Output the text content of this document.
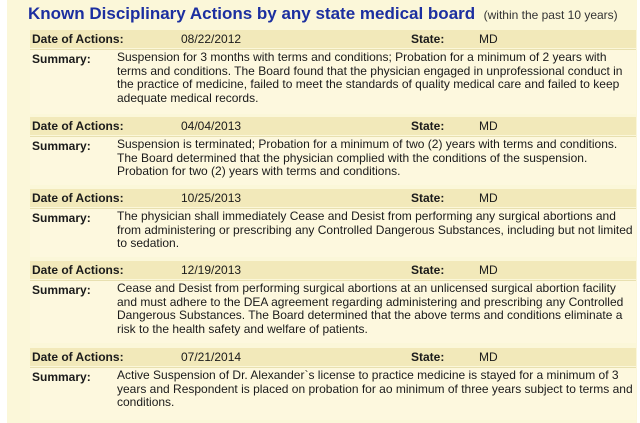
Known Disciplinary Actions by any state medical board (within the past 10 years)
Date of Actions:	08/22/2012	State:	MD
Summary: Suspension for 3 months with terms and conditions; Probation for a minimum of 2 years with terms and conditions. The Board found that the physician engaged in unprofessional conduct in the practice of medicine, failed to meet the standards of quality medical care and failed to keep adequate medical records.
Date of Actions:	04/04/2013	State:	MD
Summary: Suspension is terminated; Probation for a minimum of two (2) years with terms and conditions. The Board determined that the physician complied with the conditions of the suspension. Probation for two (2) years with terms and conditions.
Date of Actions:	10/25/2013	State:	MD
Summary: The physician shall immediately Cease and Desist from performing any surgical abortions and from administering or prescribing any Controlled Dangerous Substances, including but not limited to sedation.
Date of Actions:	12/19/2013	State:	MD
Summary: Cease and Desist from performing surgical abortions at an unlicensed surgical abortion facility and must adhere to the DEA agreement regarding administering and prescribing any Controlled Dangerous Substances. The Board determined that the above terms and conditions eliminate a risk to the health safety and welfare of patients.
Date of Actions:	07/21/2014	State:	MD
Summary: Active Suspension of Dr. Alexander`s license to practice medicine is stayed for a minimum of 3 years and Respondent is placed on probation for ao minimum of three years subject to terms and conditions.
